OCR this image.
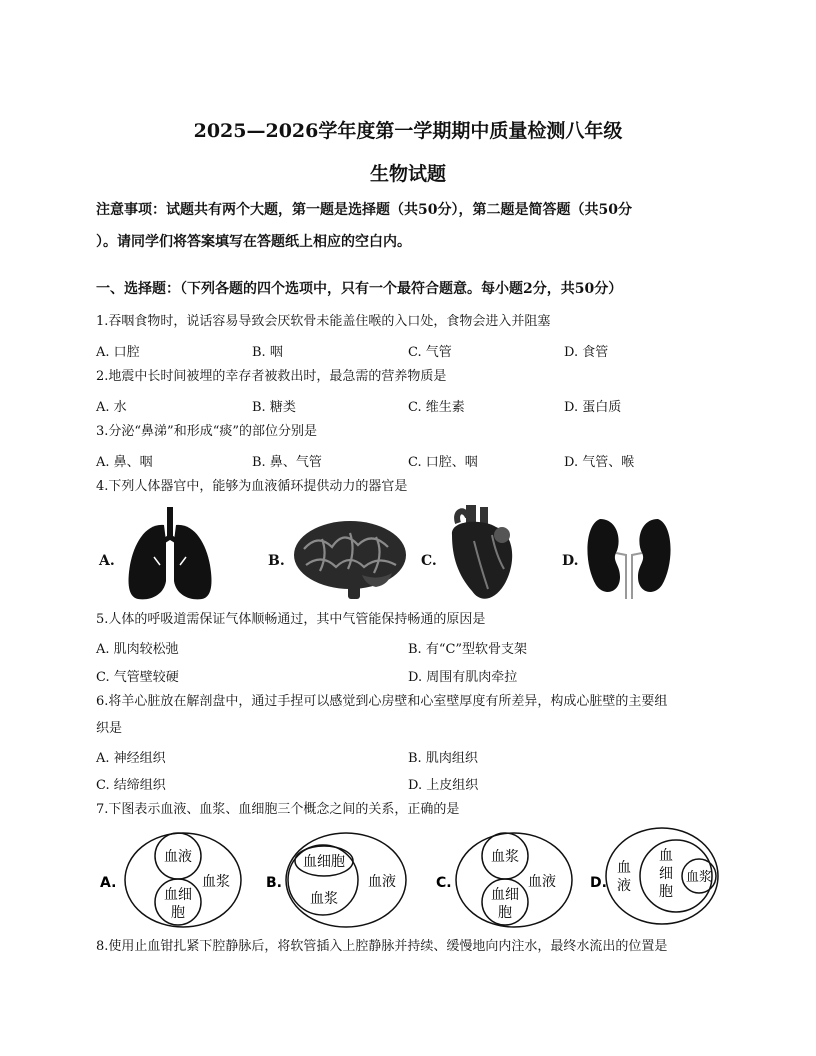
2025—2026学年度第一学期期中质量检测八年级
生物试题
注意事项：试题共有两个大题，第一题是选择题（共50分），第二题是简答题（共50分
）。请同学们将答案填写在答题纸上相应的空白内。
一、选择题：（下列各题的四个选项中，只有一个最符合题意。每小题2分，共50分）
1.吞咽食物时，说话容易导致会厌软骨未能盖住喉的入口处，食物会进入并阻塞
A. 口腔	B. 咽	C. 气管	D. 食管
2.地震中长时间被埋的幸存者被救出时，最急需的营养物质是
A. 水	B. 糖类	C. 维生素	D. 蛋白质
3.分泌“鼻涕”和形成“痰”的部位分别是
A. 鼻、咽	B. 鼻、气管	C. 口腔、咽	D. 气管、喉
4.下列人体器官中，能够为血液循环提供动力的器官是
A.	B.	C.	D.
5.人体的呼吸道需保证气体顺畅通过，其中气管能保持畅通的原因是
A. 肌肉较松弛	B. 有“C”型软骨支架
C. 气管壁较硬	D. 周围有肌肉牵拉
6.将羊心脏放在解剖盘中，通过手捏可以感觉到心房壁和心室壁厚度有所差异，构成心脏壁的主要组
织是
A. 神经组织	B. 肌肉组织
C. 结缔组织	D. 上皮组织
7.下图表示血液、血浆、血细胞三个概念之间的关系，正确的是
A.
血液
血细
胞
血浆	B.
血细胞
血浆
血液	C.
血浆
血细
胞
血液 D.
血
液
血
细
胞
血浆
8.使用止血钳扎紧下腔静脉后，将软管插入上腔静脉并持续、缓慢地向内注水，最终水流出的位置是
